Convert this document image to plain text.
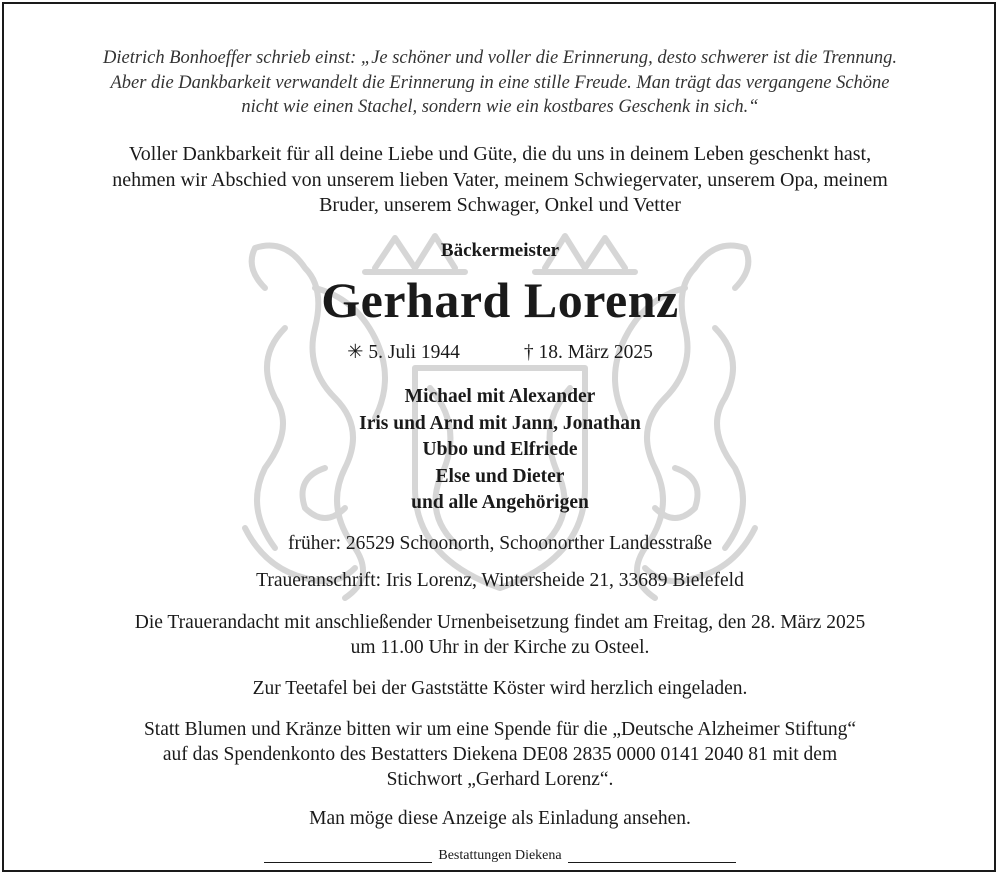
Dietrich Bonhoeffer schrieb einst: „Je schöner und voller die Erinnerung, desto schwerer ist die Trennung.
Aber die Dankbarkeit verwandelt die Erinnerung in eine stille Freude. Man trägt das vergangene Schöne
nicht wie einen Stachel, sondern wie ein kostbares Geschenk in sich.“
Voller Dankbarkeit für all deine Liebe und Güte, die du uns in deinem Leben geschenkt hast,
nehmen wir Abschied von unserem lieben Vater, meinem Schwiegervater, unserem Opa, meinem
Bruder, unserem Schwager, Onkel und Vetter
Bäckermeister
Gerhard Lorenz
✳ 5. Juli 1944	† 18. März 2025
Michael mit Alexander
Iris und Arnd mit Jann, Jonathan
Ubbo und Elfriede
Else und Dieter
und alle Angehörigen
früher: 26529 Schoonorth, Schoonorther Landesstraße
Traueranschrift: Iris Lorenz, Wintersheide 21, 33689 Bielefeld
Die Trauerandacht mit anschließender Urnenbeisetzung findet am Freitag, den 28. März 2025
um 11.00 Uhr in der Kirche zu Osteel.
Zur Teetafel bei der Gaststätte Köster wird herzlich eingeladen.
Statt Blumen und Kränze bitten wir um eine Spende für die „Deutsche Alzheimer Stiftung“
auf das Spendenkonto des Bestatters Diekena DE08 2835 0000 0141 2040 81 mit dem
Stichwort „Gerhard Lorenz“.
Man möge diese Anzeige als Einladung ansehen.
Bestattungen Diekena
